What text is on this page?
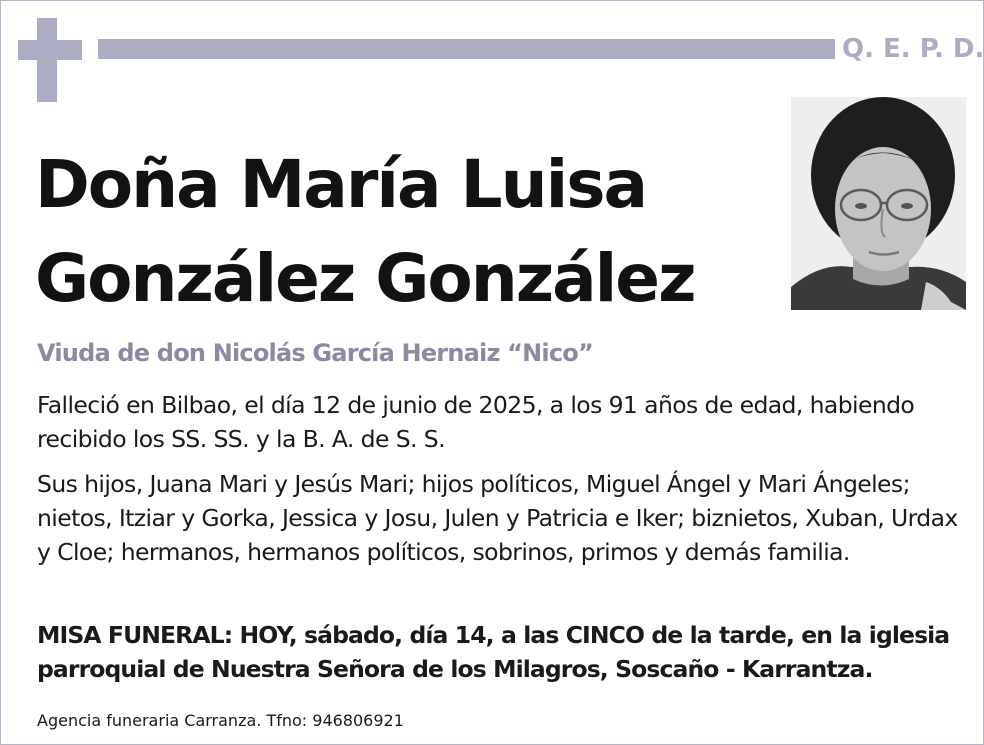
Q. E. P. D.
Doña María Luisa
González González

Viuda de don Nicolás García Hernaiz “Nico”

Falleció en Bilbao, el día 12 de junio de 2025, a los 91 años de edad, habiendo recibido los SS. SS. y la B. A. de S. S.

Sus hijos, Juana Mari y Jesús Mari; hijos políticos, Miguel Ángel y Mari Ángeles; nietos, Itziar y Gorka, Jessica y Josu, Julen y Patricia e Iker; biznietos, Xuban, Urdax y Cloe; hermanos, hermanos políticos, sobrinos, primos y demás familia.

MISA FUNERAL: HOY, sábado, día 14, a las CINCO de la tarde, en la iglesia parroquial de Nuestra Señora de los Milagros, Soscaño - Karrantza.

Agencia funeraria Carranza. Tfno: 946806921
